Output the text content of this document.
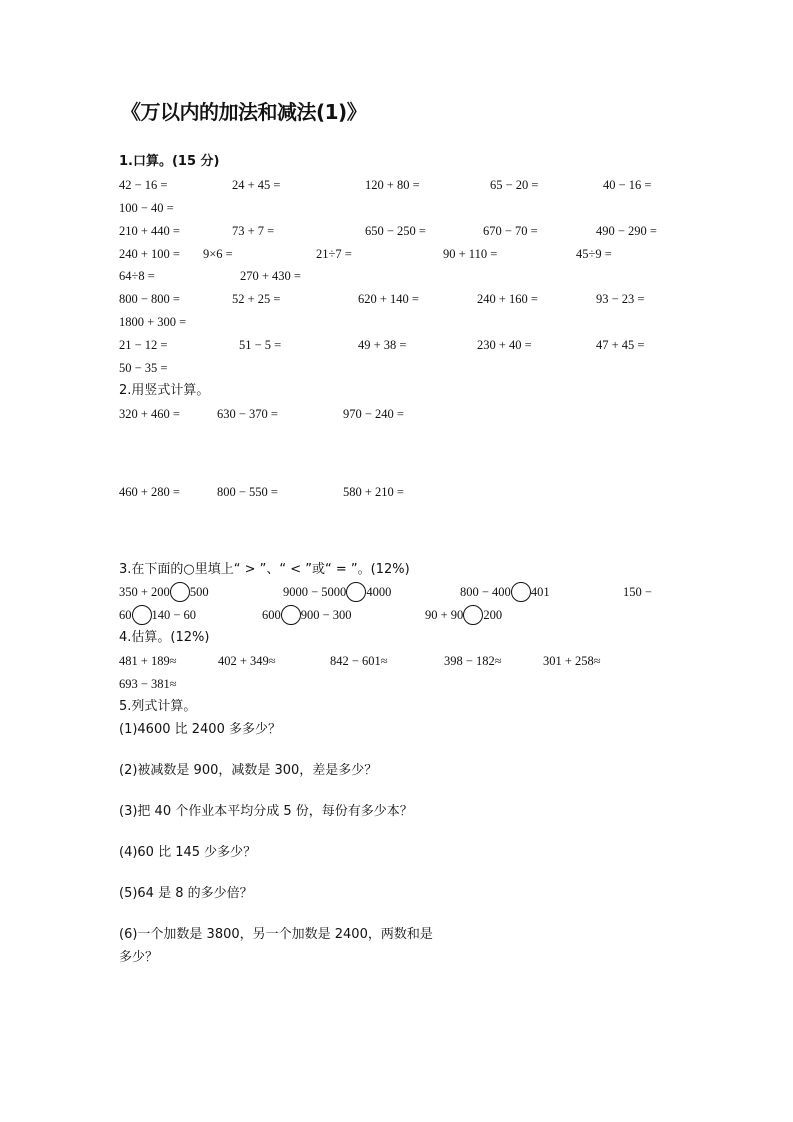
《万以内的加法和减法(1)》
1.口算。(15 分)
42 − 16 =	24 + 45 =	120 + 80 =	65 − 20 =	40 − 16 =
100 − 40 =
210 + 440 =	73 + 7 =	650 − 250 =	670 − 70 =	490 − 290 =
240 + 100 = 9×6 =	21÷7 =	90 + 110 =	45÷9 =
64÷8 =	270 + 430 =
800 − 800 =	52 + 25 =	620 + 140 =	240 + 160 =	93 − 23 =
1800 + 300 =
21 − 12 =	51 − 5 =	49 + 38 =	230 + 40 =	47 + 45 =
50 − 35 =
2.用竖式计算。
320 + 460 =	630 − 370 =	970 − 240 =
460 + 280 =	800 − 550 =	580 + 210 =
3.在下面的○里填上“ > ”、“ < ”或“ = ”。(12%)
350 + 200 500	9000 − 5000 4000	800 − 400 401	150 −
60 140 − 60	600 900 − 300	90 + 90 200
4.估算。(12%)
481 + 189≈	402 + 349≈	842 − 601≈	398 − 182≈	301 + 258≈
693 − 381≈
5.列式计算。
(1)4600 比 2400 多多少？
(2)被减数是 900，减数是 300，差是多少？
(3)把 40 个作业本平均分成 5 份，每份有多少本？
(4)60 比 145 少多少？
(5)64 是 8 的多少倍？
(6)一个加数是 3800，另一个加数是 2400，两数和是
多少？
